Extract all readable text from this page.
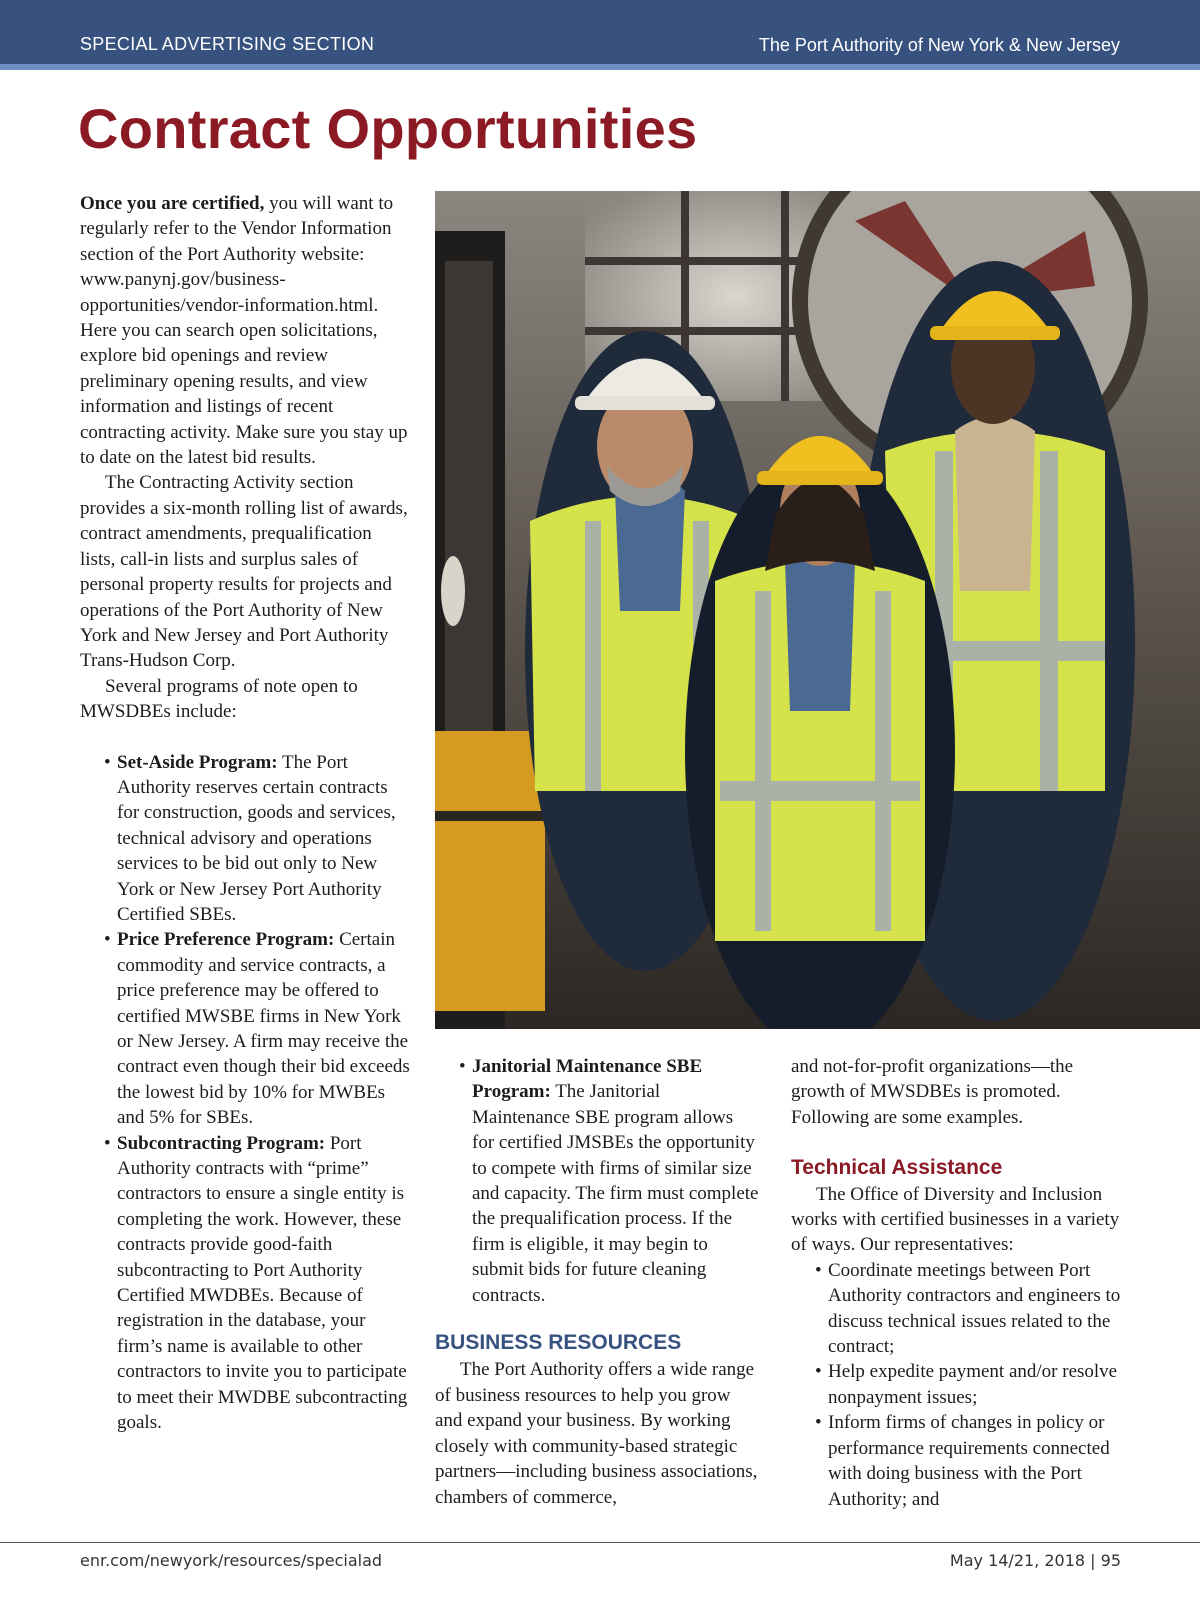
SPECIAL ADVERTISING SECTION	The Port Authority of New York & New Jersey
Contract Opportunities

Once you are certified, you will want to regularly refer to the Vendor Information section of the Port Authority website: www.panynj.gov/business-opportunities/vendor-information.html. Here you can search open solicitations, explore bid openings and review preliminary opening results, and view information and listings of recent contracting activity. Make sure you stay up to date on the latest bid results.

The Contracting Activity section provides a six-month rolling list of awards, contract amendments, prequalification lists, call-in lists and surplus sales of personal property results for projects and operations of the Port Authority of New York and New Jersey and Port Authority Trans-Hudson Corp.

Several programs of note open to MWSDBEs include:

• Set-Aside Program: The Port Authority reserves certain contracts for construction, goods and services, technical advisory and operations services to be bid out only to New York or New Jersey Port Authority Certified SBEs.
• Price Preference Program: Certain commodity and service contracts, a price preference may be offered to certified MWSBE firms in New York or New Jersey. A firm may receive the contract even though their bid exceeds the lowest bid by 10% for MWBEs and 5% for SBEs.
• Subcontracting Program: Port Authority contracts with “prime” contractors to ensure a single entity is completing the work. However, these contracts provide good-faith subcontracting to Port Authority Certified MWDBEs. Because of registration in the database, your firm’s name is available to other contractors to invite you to participate to meet their MWDBE subcontracting goals.
• Janitorial Maintenance SBE Program: The Janitorial Maintenance SBE program allows for certified JMSBEs the opportunity to compete with firms of similar size and capacity. The firm must complete the prequalification process. If the firm is eligible, it may begin to submit bids for future cleaning contracts.
BUSINESS RESOURCES

The Port Authority offers a wide range of business resources to help you grow and expand your business. By working closely with community-based strategic partners—including business associations, chambers of commerce,

and not-for-profit organizations—the growth of MWSDBEs is promoted. Following are some examples.

Technical Assistance

The Office of Diversity and Inclusion works with certified businesses in a variety of ways. Our representatives:

• Coordinate meetings between Port Authority contractors and engineers to discuss technical issues related to the contract;
• Help expedite payment and/or resolve nonpayment issues;
• Inform firms of changes in policy or performance requirements connected with doing business with the Port Authority; and
enr.com/newyork/resources/specialad	May 14/21, 2018 | 95
